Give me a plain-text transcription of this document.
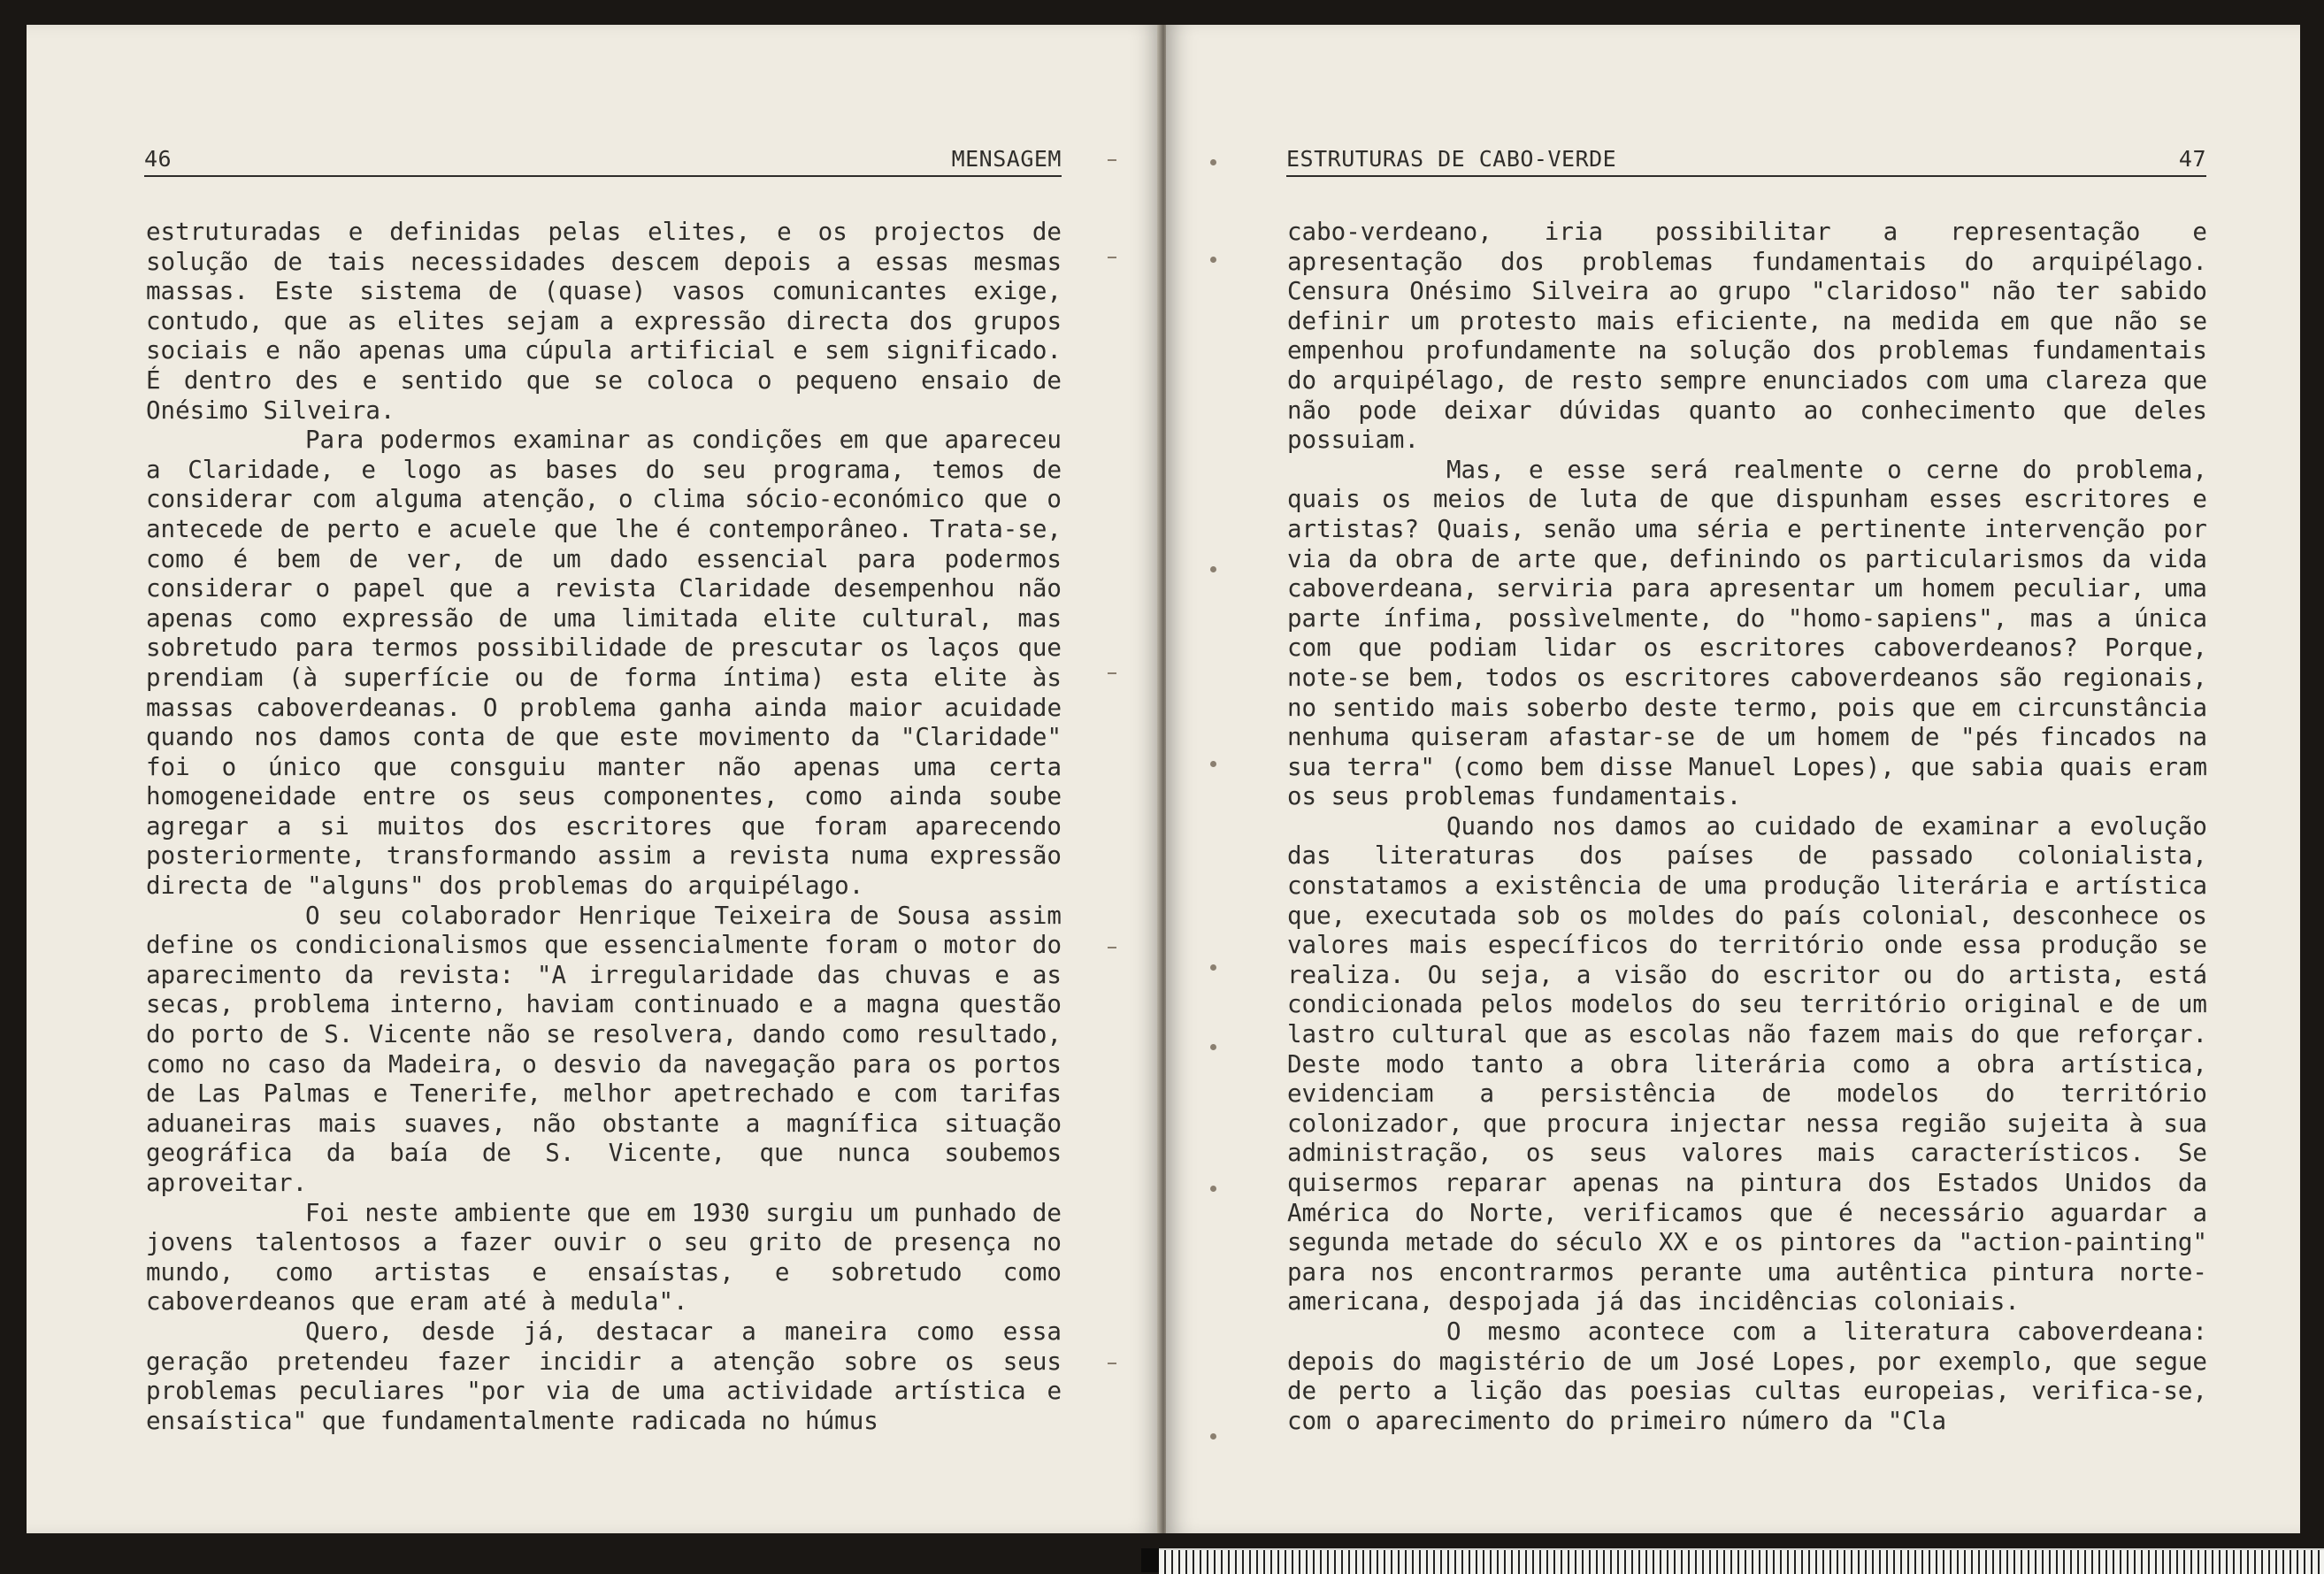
46	MENSAGEM

estruturadas e definidas pelas elites, e os projectos de solução de tais necessidades descem depois a essas mesmas massas. Este sistema de (quase) vasos comunicantes exige, contudo, que as elites sejam a expressão directa dos grupos sociais e não apenas uma cúpula artificial e sem significado. É dentro des e sentido que se coloca o pequeno ensaio de Onésimo Silveira.

Para podermos examinar as condições em que apareceu a Claridade, e logo as bases do seu programa, temos de considerar com alguma atenção, o clima sócio-económico que o antecede de perto e acuele que lhe é contemporâneo. Trata-se, como é bem de ver, de um dado essencial para podermos considerar o papel que a revista Claridade desempenhou não apenas como expressão de uma limitada elite cultural, mas sobretudo para termos possibilidade de prescutar os laços que prendiam (à superfície ou de forma íntima) esta elite às massas caboverdeanas. O problema ganha ainda maior acuidade quando nos damos conta de que este movimento da "Claridade" foi o único que consguiu manter não apenas uma certa homogeneidade entre os seus componentes, como ainda soube agregar a si muitos dos escritores que foram aparecendo posteriormente, transformando assim a revista numa expressão directa de "alguns" dos problemas do arquipélago.

O seu colaborador Henrique Teixeira de Sousa assim define os condicionalismos que essencialmente foram o motor do aparecimento da revista: "A irregularidade das chuvas e as secas, problema interno, haviam continuado e a magna questão do porto de S. Vicente não se resolvera, dando como resultado, como no caso da Madeira, o desvio da navegação para os portos de Las Palmas e Tenerife, melhor apetrechado e com tarifas aduaneiras mais suaves, não obstante a magnífica situação geográfica da baía de S. Vicente, que nunca soubemos aproveitar.

Foi neste ambiente que em 1930 surgiu um punhado de jovens talentosos a fazer ouvir o seu grito de presença no mundo, como artistas e ensaístas, e sobretudo como caboverdeanos que eram até à medula".

Quero, desde já, destacar a maneira como essa geração pretendeu fazer incidir a atenção sobre os seus problemas peculiares "por via de uma actividade artística e ensaística" que fundamentalmente radicada no húmus

ESTRUTURAS DE CABO-VERDE	47

cabo-verdeano, iria possibilitar a representação e apresentação dos problemas fundamentais do arquipélago. Censura Onésimo Silveira ao grupo "claridoso" não ter sabido definir um protesto mais eficiente, na medida em que não se empenhou profundamente na solução dos problemas fundamentais do arquipélago, de resto sempre enunciados com uma clareza que não pode deixar dúvidas quanto ao conhecimento que deles possuiam.

Mas, e esse será realmente o cerne do problema, quais os meios de luta de que dispunham esses escritores e artistas? Quais, senão uma séria e pertinente intervenção por via da obra de arte que, definindo os particularismos da vida caboverdeana, serviria para apresentar um homem peculiar, uma parte ínfima, possìvelmente, do "homo-sapiens", mas a única com que podiam lidar os escritores caboverdeanos? Porque, note-se bem, todos os escritores caboverdeanos são regionais, no sentido mais soberbo deste termo, pois que em circunstância nenhuma quiseram afastar-se de um homem de "pés fincados na sua terra" (como bem disse Manuel Lopes), que sabia quais eram os seus problemas fundamentais.

Quando nos damos ao cuidado de examinar a evolução das literaturas dos países de passado colonialista, constatamos a existência de uma produção literária e artística que, executada sob os moldes do país colonial, desconhece os valores mais específicos do território onde essa produção se realiza. Ou seja, a visão do escritor ou do artista, está condicionada pelos modelos do seu território original e de um lastro cultural que as escolas não fazem mais do que reforçar. Deste modo tanto a obra literária como a obra artística, evidenciam a persistência de modelos do território colonizador, que procura injectar nessa região sujeita à sua administração, os seus valores mais característicos. Se quisermos reparar apenas na pintura dos Estados Unidos da América do Norte, verificamos que é necessário aguardar a segunda metade do século XX e os pintores da "action-painting" para nos encontrarmos perante uma autêntica pintura norte-americana, despojada já das incidências coloniais.

O mesmo acontece com a literatura caboverdeana: depois do magistério de um José Lopes, por exemplo, que segue de perto a lição das poesias cultas europeias, verifica-se, com o aparecimento do primeiro número da "Cla
